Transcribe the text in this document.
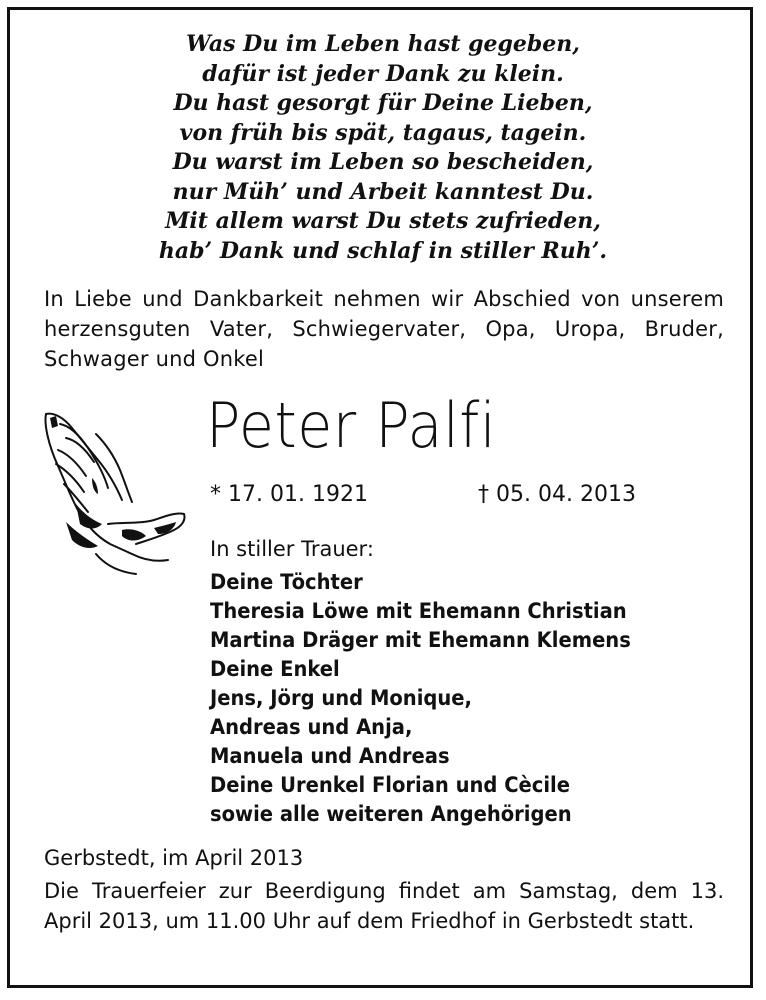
Was Du im Leben hast gegeben,
dafür ist jeder Dank zu klein.
Du hast gesorgt für Deine Lieben,
von früh bis spät, tagaus, tagein.
Du warst im Leben so bescheiden,
nur Müh’ und Arbeit kanntest Du.
Mit allem warst Du stets zufrieden,
hab’ Dank und schlaf in stiller Ruh’.
In Liebe und Dankbarkeit nehmen wir Abschied von unserem herzensguten Vater, Schwiegervater, Opa, Uropa, Bruder, Schwager und Onkel
Peter Palfi
* 17. 01. 1921	† 05. 04. 2013
In stiller Trauer:
Deine Töchter
Theresia Löwe mit Ehemann Christian
Martina Dräger mit Ehemann Klemens
Deine Enkel
Jens, Jörg und Monique,
Andreas und Anja,
Manuela und Andreas
Deine Urenkel Florian und Cècile
sowie alle weiteren Angehörigen
Gerbstedt, im April 2013
Die Trauerfeier zur Beerdigung findet am Samstag, dem 13. April 2013, um 11.00 Uhr auf dem Friedhof in Gerbstedt statt.
